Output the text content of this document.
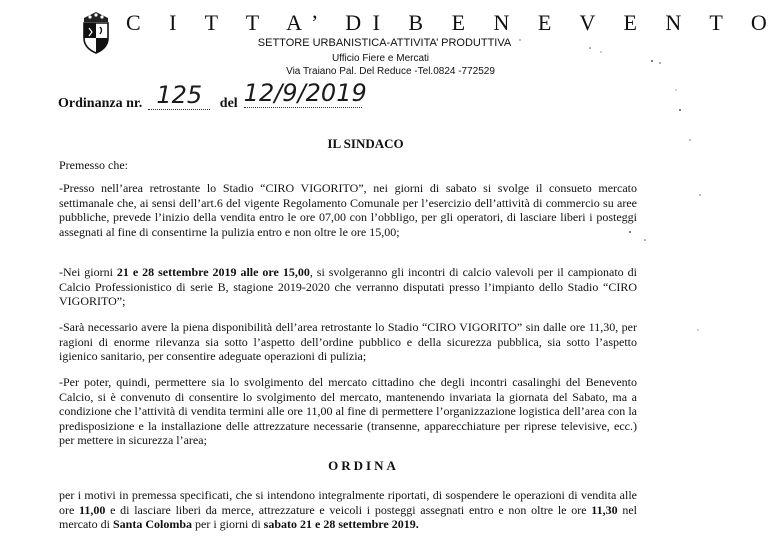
C I T T A’ DI B E N E V E N T O
SETTORE URBANISTICA-ATTIVITA’ PRODUTTIVA
Ufficio Fiere e Mercati
Via Traiano Pal. Del Reduce -Tel.0824 -772529
Ordinanza nr. 125 del 12/9/2019
IL SINDACO
Premesso che:
-Presso nell’area retrostante lo Stadio “CIRO VIGORITO”, nei giorni di sabato si svolge il consueto mercato settimanale che, ai sensi dell’art.6 del vigente Regolamento Comunale per l’esercizio dell’attività di commercio su aree pubbliche, prevede l’inizio della vendita entro le ore 07,00 con l’obbligo, per gli operatori, di lasciare liberi i posteggi assegnati al fine di consentirne la pulizia entro e non oltre le ore 15,00;
-Nei giorni 21 e 28 settembre 2019 alle ore 15,00, si svolgeranno gli incontri di calcio valevoli per il campionato di Calcio Professionistico di serie B, stagione 2019-2020 che verranno disputati presso l’impianto dello Stadio “CIRO VIGORITO”;
-Sarà necessario avere la piena disponibilità dell’area retrostante lo Stadio “CIRO VIGORITO” sin dalle ore 11,30, per ragioni di enorme rilevanza sia sotto l’aspetto dell’ordine pubblico e della sicurezza pubblica, sia sotto l’aspetto igienico sanitario, per consentire adeguate operazioni di pulizia;
-Per poter, quindi, permettere sia lo svolgimento del mercato cittadino che degli incontri casalinghi del Benevento Calcio, si è convenuto di consentire lo svolgimento del mercato, mantenendo invariata la giornata del Sabato, ma a condizione che l’attività di vendita termini alle ore 11,00 al fine di permettere l’organizzazione logistica dell’area con la predisposizione e la installazione delle attrezzature necessarie (transenne, apparecchiature per riprese televisive, ecc.) per mettere in sicurezza l’area;
ORDINA
per i motivi in premessa specificati, che si intendono integralmente riportati, di sospendere le operazioni di vendita alle ore 11,00 e di lasciare liberi da merce, attrezzature e veicoli i posteggi assegnati entro e non oltre le ore 11,30 nel mercato di Santa Colomba per i giorni di sabato 21 e 28 settembre 2019.
